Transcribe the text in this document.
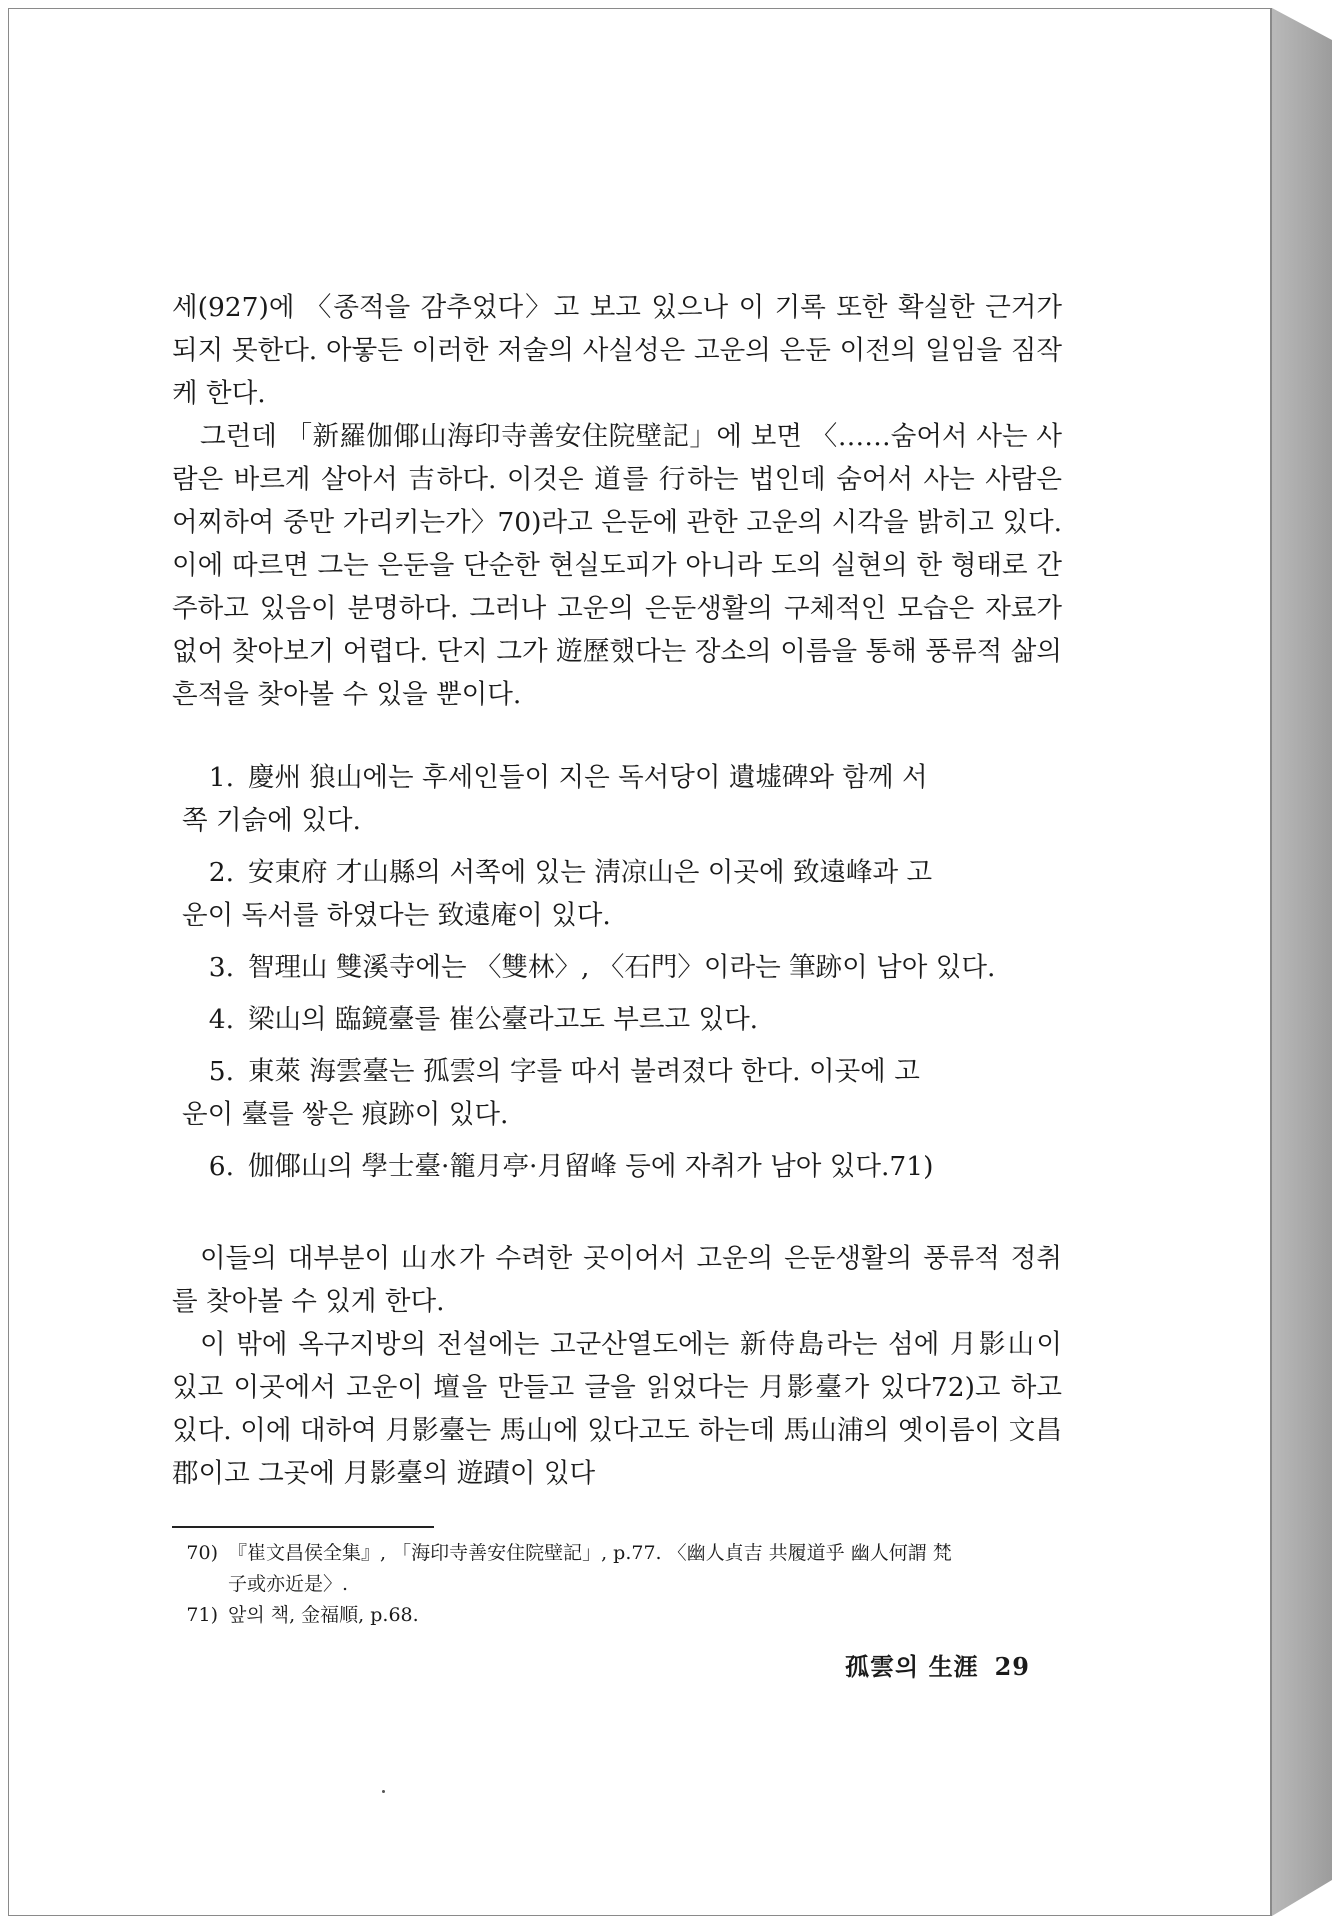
세(927)에 〈종적을 감추었다〉고 보고 있으나 이 기록 또한 확실한 근거가 되지 못한다. 아뭏든 이러한 저술의 사실성은 고운의 은둔 이전의 일임을 짐작케 한다.

그런데 「新羅伽倻山海印寺善安住院壁記」에 보면 〈……숨어서 사는 사람은 바르게 살아서 吉하다. 이것은 道를 行하는 법인데 숨어서 사는 사람은 어찌하여 중만 가리키는가〉70)라고 은둔에 관한 고운의 시각을 밝히고 있다. 이에 따르면 그는 은둔을 단순한 현실도피가 아니라 도의 실현의 한 형태로 간주하고 있음이 분명하다. 그러나 고운의 은둔생활의 구체적인 모습은 자료가 없어 찾아보기 어렵다. 단지 그가 遊歷했다는 장소의 이름을 통해 풍류적 삶의 흔적을 찾아볼 수 있을 뿐이다.

1. 慶州 狼山에는 후세인들이 지은 독서당이 遺墟碑와 함께 서
쪽 기슭에 있다.
2. 安東府 才山縣의 서쪽에 있는 淸凉山은 이곳에 致遠峰과 고
운이 독서를 하였다는 致遠庵이 있다.
3. 智理山 雙溪寺에는 〈雙林〉, 〈石門〉이라는 筆跡이 남아 있다.
4. 梁山의 臨鏡臺를 崔公臺라고도 부르고 있다.
5. 東萊 海雲臺는 孤雲의 字를 따서 불려졌다 한다. 이곳에 고
운이 臺를 쌓은 痕跡이 있다.
6. 伽倻山의 學士臺·籠月亭·月留峰 등에 자취가 남아 있다.71)

이들의 대부분이 山水가 수려한 곳이어서 고운의 은둔생활의 풍류적 정취를 찾아볼 수 있게 한다.

이 밖에 옥구지방의 전설에는 고군산열도에는 新侍島라는 섬에 月影山이 있고 이곳에서 고운이 壇을 만들고 글을 읽었다는 月影臺가 있다72)고 하고 있다. 이에 대하여 月影臺는 馬山에 있다고도 하는데 馬山浦의 옛이름이 文昌郡이고 그곳에 月影臺의 遊蹟이 있다

70) 『崔文昌侯全集』, 「海印寺善安住院壁記」, p.77. 〈幽人貞吉 共履道乎 幽人何謂 梵
子或亦近是〉.

71) 앞의 책, 金福順, p.68.

孤雲의 生涯 29
